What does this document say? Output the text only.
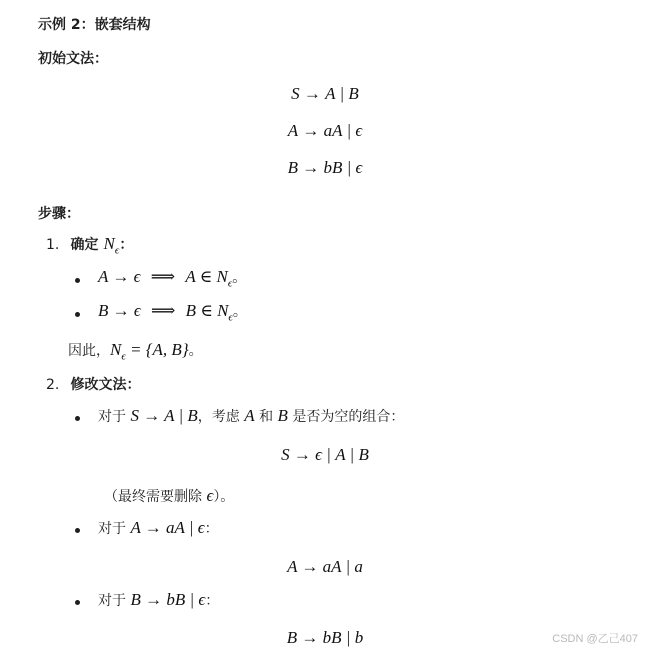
示例 2：嵌套结构
初始文法：
S → A | B
A → aA | ϵ
B → bB | ϵ
步骤：
1. 确定 $N_\epsilon$：
A → ϵ ⟹ A ∈ $N_\epsilon$。
B → ϵ ⟹ B ∈ $N_\epsilon$。
因此，$N_\epsilon = \{A$, B}。
2. 修改文法：
对于 S → A | B，考虑 A 和 B 是否为空的组合：
S → ϵ | A | B
（最终需要删除 ϵ）。
对于 A → aA | ϵ：
A → aA | a
对于 B → bB | ϵ：
B → bB | b	CSDN @乙己407
